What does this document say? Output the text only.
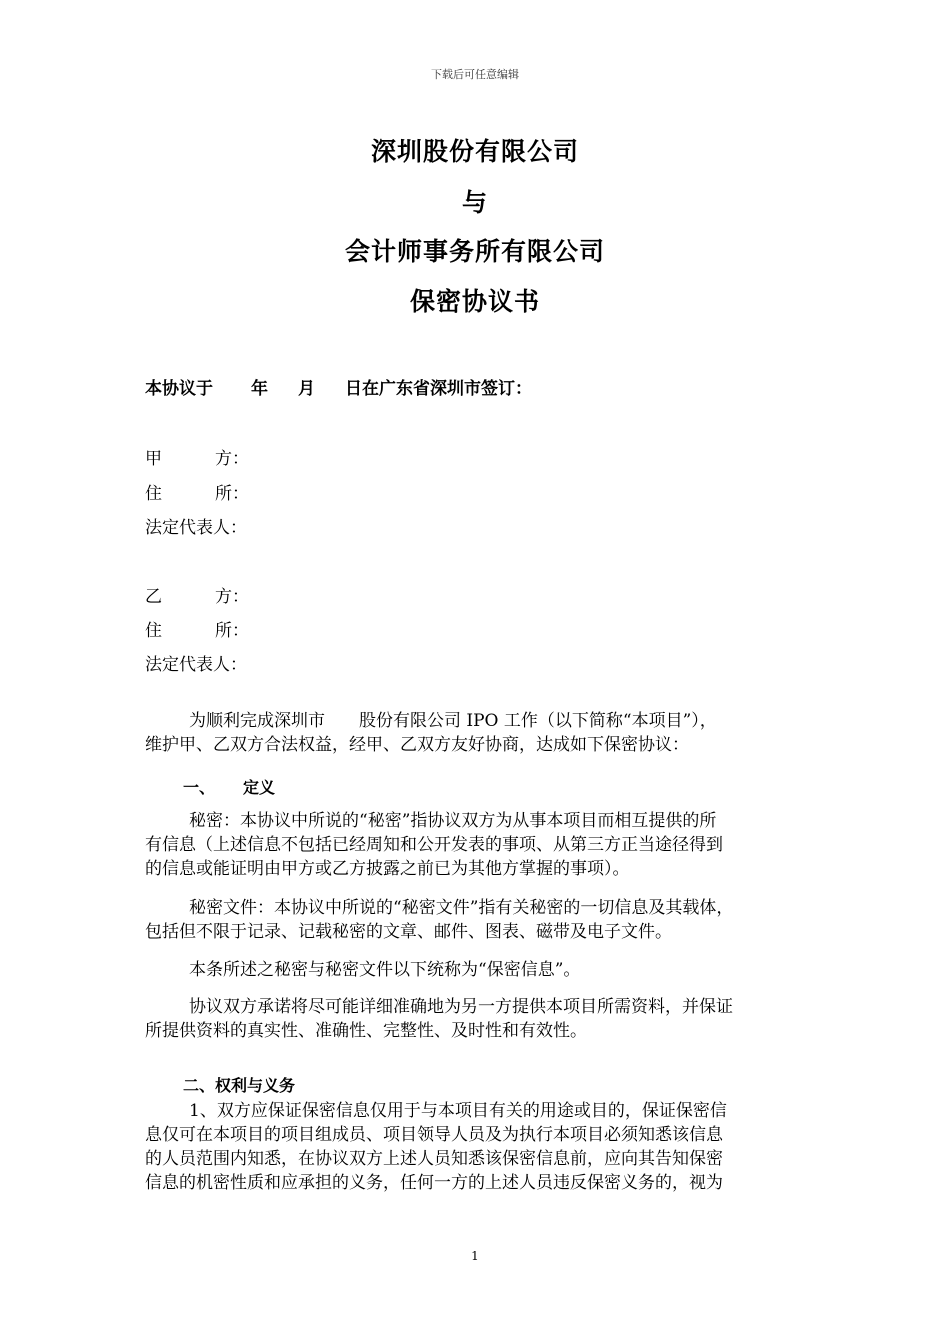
下载后可任意编辑
深圳股份有限公司
与
会计师事务所有限公司
保密协议书
本协议于 年 月 日在广东省深圳市签订：
甲	方：
住	所：
法定代表人：
乙	方：
住	所：
法定代表人：
为顺利完成深圳市　　股份有限公司 IPO 工作（以下简称“本项目”），
维护甲、乙双方合法权益，经甲、乙双方友好协商，达成如下保密协议：
一、 定义
秘密：本协议中所说的“秘密”指协议双方为从事本项目而相互提供的所
有信息（上述信息不包括已经周知和公开发表的事项、从第三方正当途径得到
的信息或能证明由甲方或乙方披露之前已为其他方掌握的事项）。
秘密文件：本协议中所说的“秘密文件”指有关秘密的一切信息及其载体，
包括但不限于记录、记载秘密的文章、邮件、图表、磁带及电子文件。
本条所述之秘密与秘密文件以下统称为“保密信息”。
协议双方承诺将尽可能详细准确地为另一方提供本项目所需资料，并保证
所提供资料的真实性、准确性、完整性、及时性和有效性。
二、权利与义务
1、双方应保证保密信息仅用于与本项目有关的用途或目的，保证保密信
息仅可在本项目的项目组成员、项目领导人员及为执行本项目必须知悉该信息
的人员范围内知悉，在协议双方上述人员知悉该保密信息前，应向其告知保密
信息的机密性质和应承担的义务，任何一方的上述人员违反保密义务的，视为
1
